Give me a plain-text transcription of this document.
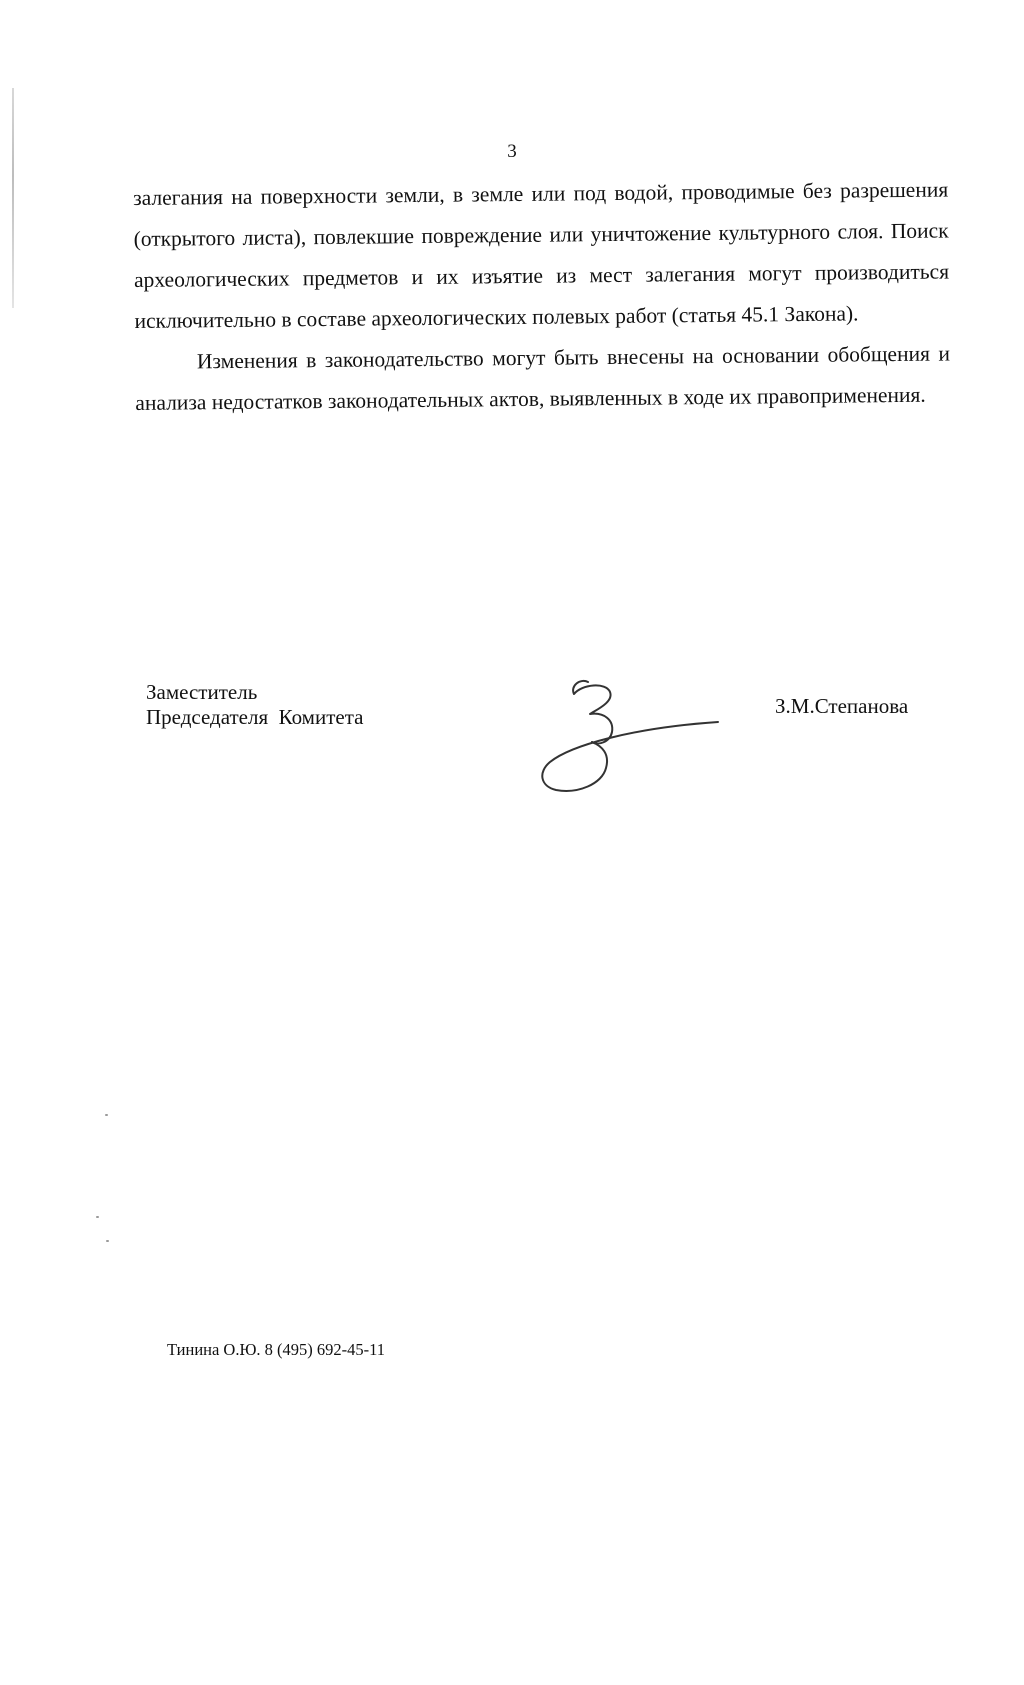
3

залегания на поверхности земли, в земле или под водой, проводимые без разрешения (открытого листа), повлекшие повреждение или уничтожение культурного слоя. Поиск археологических предметов и их изъятие из мест залегания могут производиться исключительно в составе археологических полевых работ (статья 45.1 Закона).

Изменения в законодательство могут быть внесены на основании обобщения и анализа недостатков законодательных актов, выявленных в ходе их правоприменения.

Заместитель
Председателя  Комитета	З.М.Степанова
Тинина О.Ю. 8 (495) 692-45-11
